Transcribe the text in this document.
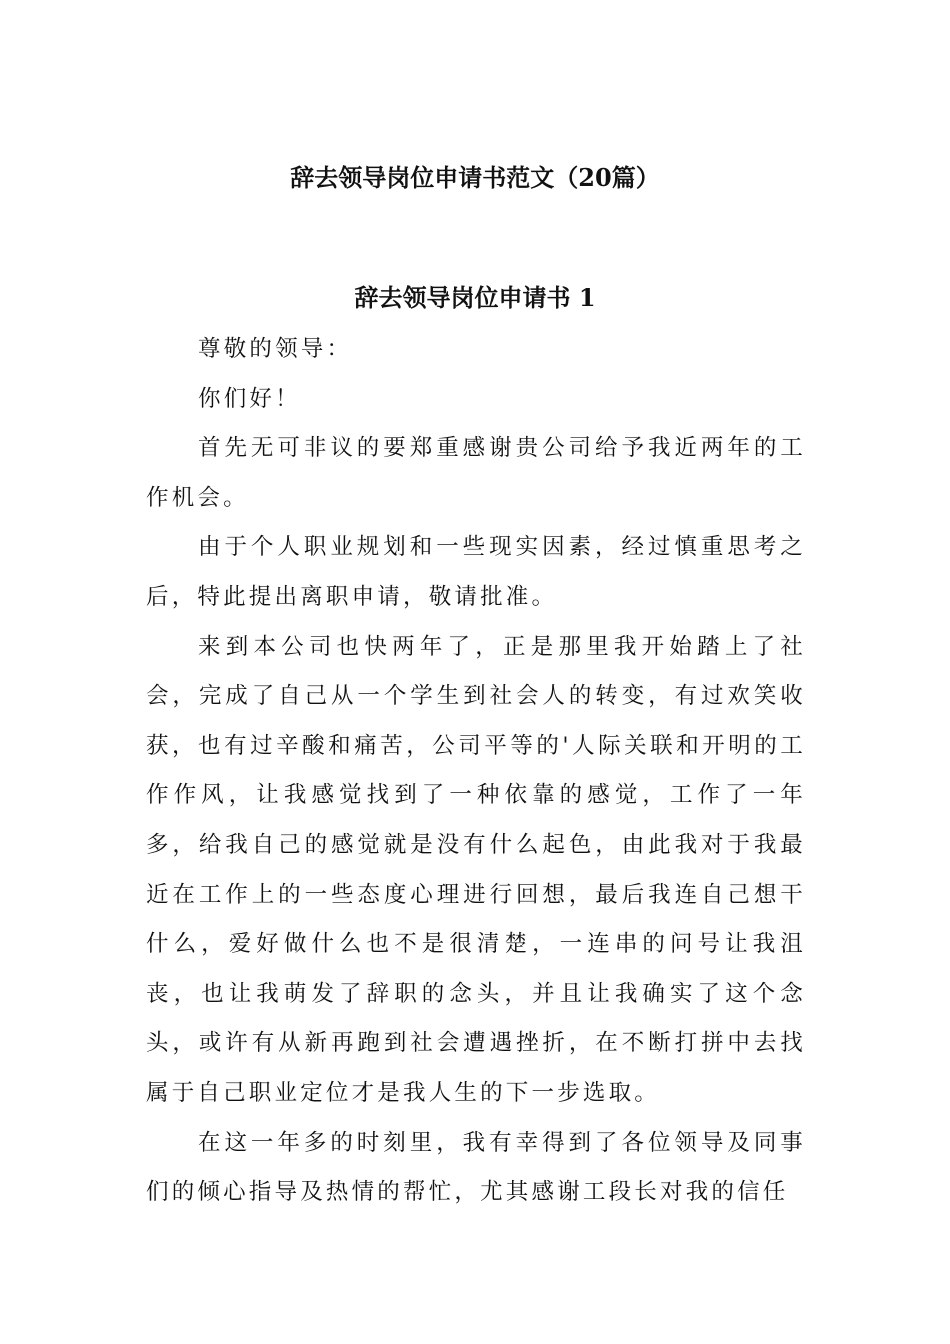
辞去领导岗位申请书范文（20篇）
辞去领导岗位申请书 1

尊敬的领导：

你们好！

首先无可非议的要郑重感谢贵公司给予我近两年的工作机会。

由于个人职业规划和一些现实因素，经过慎重思考之后，特此提出离职申请，敬请批准。

来到本公司也快两年了，正是那里我开始踏上了社会，完成了自己从一个学生到社会人的转变，有过欢笑收获，也有过辛酸和痛苦，公司平等的'人际关联和开明的工作作风，让我感觉找到了一种依靠的感觉，工作了一年多，给我自己的感觉就是没有什么起色，由此我对于我最近在工作上的一些态度心理进行回想，最后我连自己想干什么，爱好做什么也不是很清楚，一连串的问号让我沮丧，也让我萌发了辞职的念头，并且让我确实了这个念头，或许有从新再跑到社会遭遇挫折，在不断打拼中去找属于自己职业定位才是我人生的下一步选取。

在这一年多的时刻里，我有幸得到了各位领导及同事们的倾心指导及热情的帮忙，尤其感谢工段长对我的信任
